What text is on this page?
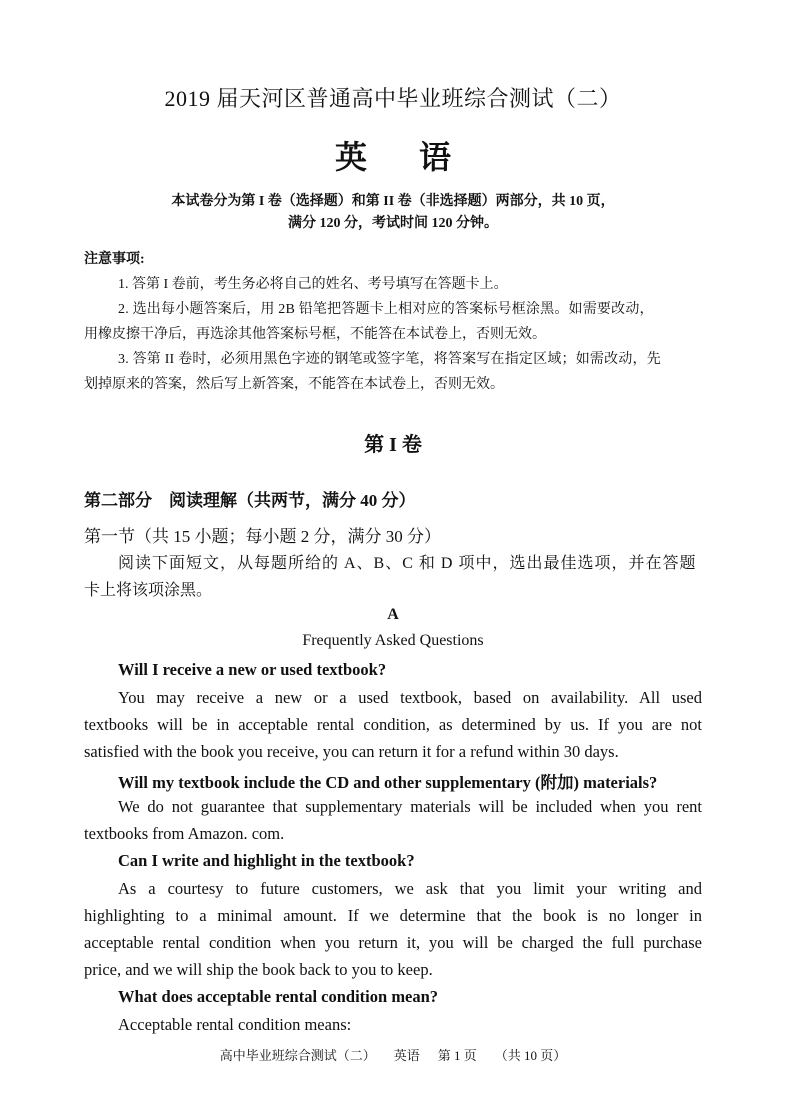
2019 届天河区普通高中毕业班综合测试（二）
英 语
本试卷分为第 I 卷（选择题）和第 II 卷（非选择题）两部分，共 10 页，
满分 120 分，考试时间 120 分钟。
注意事项:
1. 答第 I 卷前，考生务必将自己的姓名、考号填写在答题卡上。
2. 选出每小题答案后，用 2B 铅笔把答题卡上相对应的答案标号框涂黑。如需要改动，
用橡皮擦干净后，再选涂其他答案标号框，不能答在本试卷上，否则无效。
3. 答第 II 卷时，必须用黑色字迹的钢笔或签字笔，将答案写在指定区域；如需改动，先
划掉原来的答案，然后写上新答案，不能答在本试卷上，否则无效。
第 I 卷
第二部分　阅读理解（共两节，满分 40 分）
第一节（共 15 小题；每小题 2 分，满分 30 分）
阅读下面短文，从每题所给的 A、B、C 和 D 项中，选出最佳选项，并在答题
卡上将该项涂黑。
A
Frequently Asked Questions
Will I receive a new or used textbook?
You may receive a new or a used textbook, based on availability. All used
textbooks will be in acceptable rental condition, as determined by us. If you are not
satisfied with the book you receive, you can return it for a refund within 30 days.
Will my textbook include the CD and other supplementary (附加) materials?
We do not guarantee that supplementary materials will be included when you rent
textbooks from Amazon. com.
Can I write and highlight in the textbook?
As a courtesy to future customers, we ask that you limit your writing and
highlighting to a minimal amount. If we determine that the book is no longer in
acceptable rental condition when you return it, you will be charged the full purchase
price, and we will ship the book back to you to keep.
What does acceptable rental condition mean?
Acceptable rental condition means:
高中毕业班综合测试（二） 英语 第 1 页 （共 10 页）
